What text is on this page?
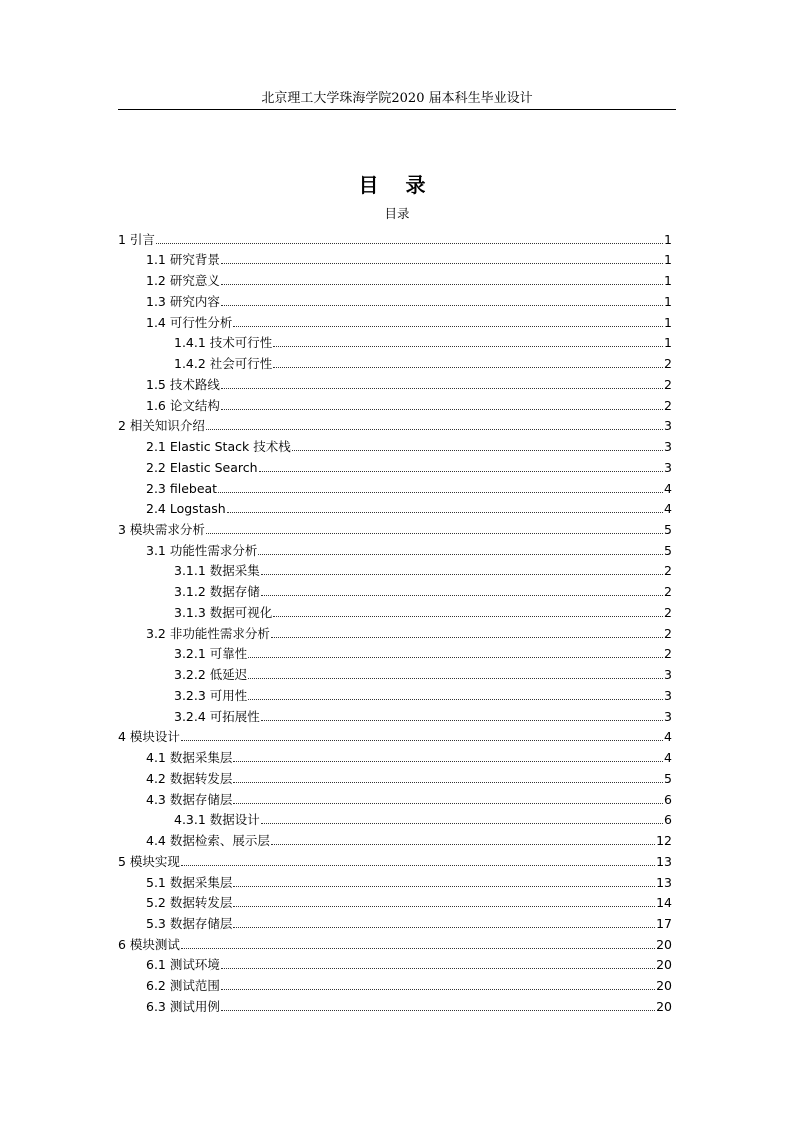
北京理工大学珠海学院2020 届本科生毕业设计
目 录
目录
1 引言	1
1.1 研究背景	1
1.2 研究意义	1
1.3 研究内容	1
1.4 可行性分析	1
1.4.1 技术可行性	1
1.4.2 社会可行性	2
1.5 技术路线	2
1.6 论文结构	2
2 相关知识介绍	3
2.1 Elastic Stack 技术栈	3
2.2 Elastic Search	3
2.3 filebeat	4
2.4 Logstash	4
3 模块需求分析	5
3.1 功能性需求分析	5
3.1.1 数据采集	2
3.1.2 数据存储	2
3.1.3 数据可视化	2
3.2 非功能性需求分析	2
3.2.1 可靠性	2
3.2.2 低延迟	3
3.2.3 可用性	3
3.2.4 可拓展性	3
4 模块设计	4
4.1 数据采集层	4
4.2 数据转发层	5
4.3 数据存储层	6
4.3.1 数据设计	6
4.4 数据检索、展示层	12
5 模块实现	13
5.1 数据采集层	13
5.2 数据转发层	14
5.3 数据存储层	17
6 模块测试	20
6.1 测试环境	20
6.2 测试范围	20
6.3 测试用例	20
